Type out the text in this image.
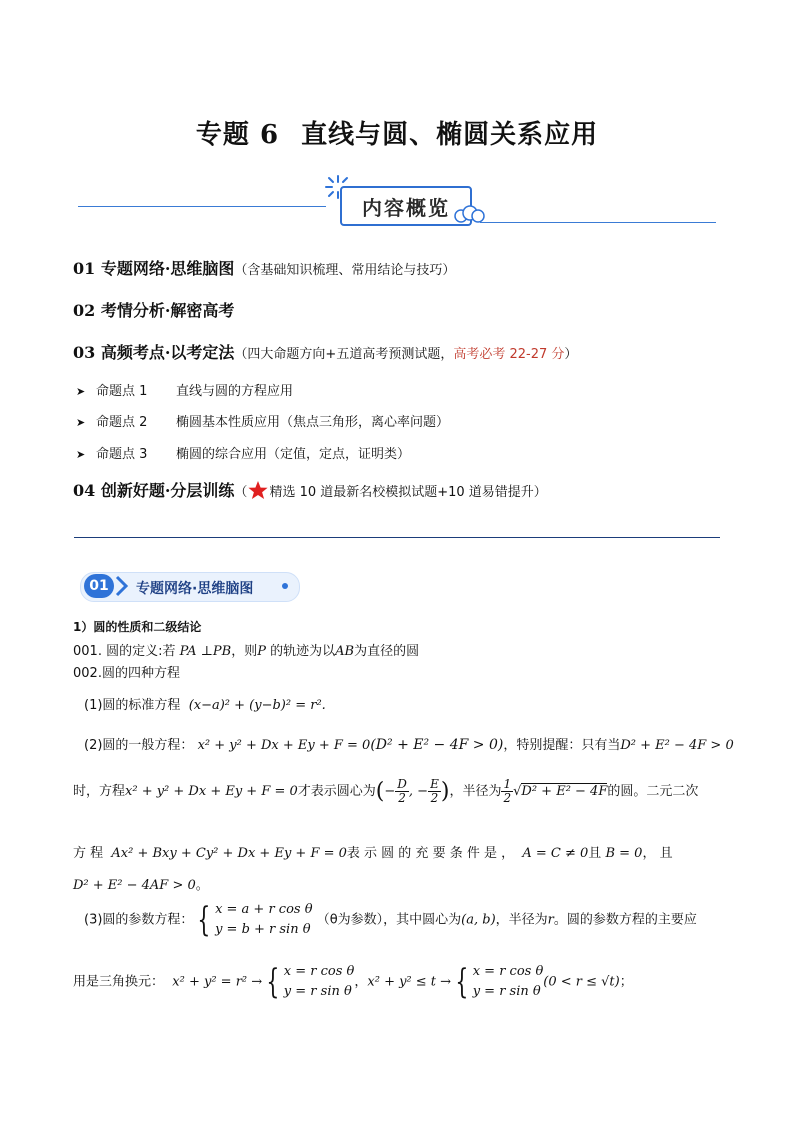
专题 6 直线与圆、椭圆关系应用
内容概览
01 专题网络·思维脑图（含基础知识梳理、常用结论与技巧）
02 考情分析·解密高考
03 高频考点·以考定法（四大命题方向+五道高考预测试题，高考必考 22-27 分）
➤ 命题点 1 直线与圆的方程应用
➤ 命题点 2 椭圆基本性质应用（焦点三角形，离心率问题）
➤ 命题点 3 椭圆的综合应用（定值，定点，证明类）
04 创新好题·分层训练（ 精选 10 道最新名校模拟试题+10 道易错提升）
01	专题网络·思维脑图
1）圆的性质和二级结论
001. 圆的定义:若 PA ⊥PB，则P 的轨迹为以AB为直径的圆
002.圆的四种方程
(1)圆的标准方程 (x−a)² + (y−b)² = r².
(2)圆的一般方程： x² + y² + Dx + Ey + F = 0(D² + E² − 4F > 0)，特别提醒：只有当D² + E² − 4F > 0
时，方程x² + y² + Dx + Ey + F = 0才表示圆心为(− $\frac{D}{2}$ , − $\frac{E}{2}$ )，半径为 $\frac{1}{2} √D^2 + E^2 - 4F$的圆。二元二次
方 程 Ax² + Bxy + Cy² + Dx + Ey + F = 0表 示 圆 的 充 要 条 件 是 ， A = C ≠ 0且 B = 0， 且
D² + E² − 4AF > 0。
(3)圆的参数方程： { x = a + r cos θ
y = b + r sin θ
（θ为参数），其中圆心为(a, b)，半径为r。圆的参数方程的主要应
用是三角换元： x² + y² = r² → { x = r cos θ
y = r sin θ
，x² + y² ≤ t → { x = r cos θ
y = r sin θ
(0 < r ≤ √t)；
